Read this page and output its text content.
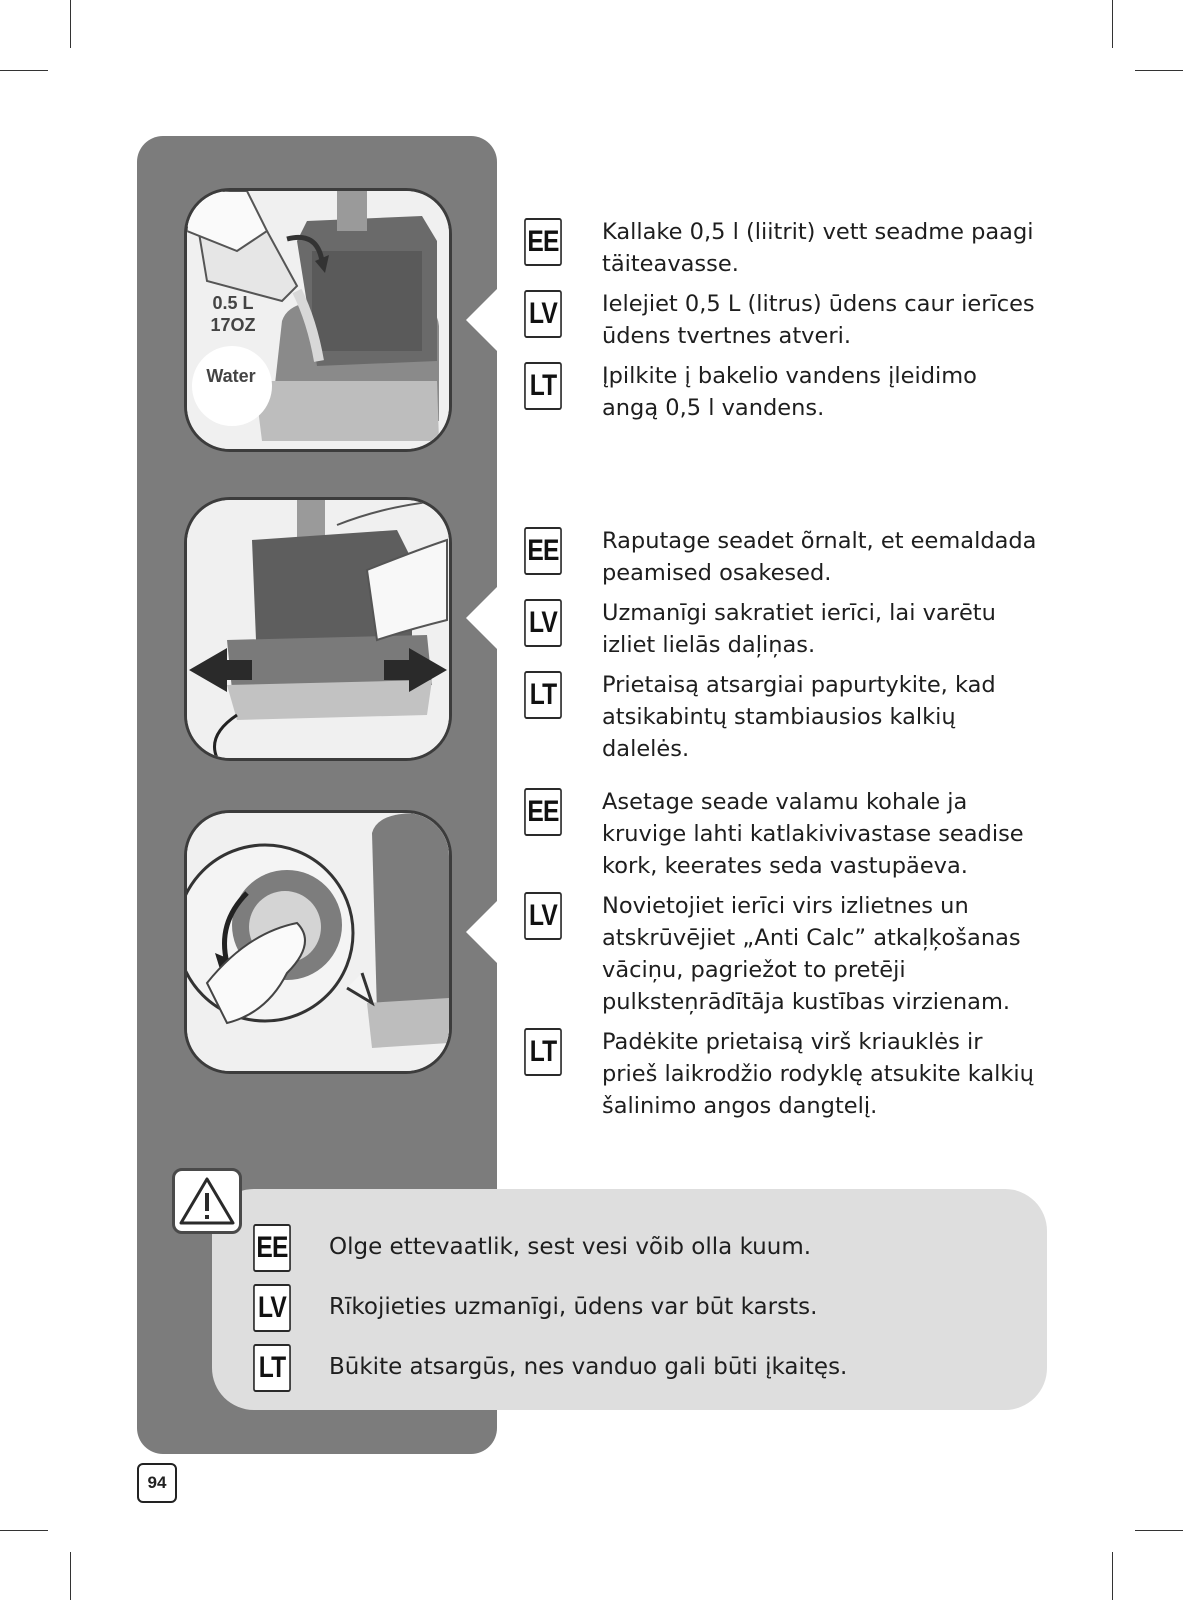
0.5 L
17OZ
Water
EE Kallake 0,5 l (liitrit) vett seadme paagi täiteavasse.
LV Ielejiet 0,5 L (litrus) ūdens caur ierīces ūdens tvertnes atveri.
LT Įpilkite į bakelio vandens įleidimo angą 0,5 l vandens.
EE Raputage seadet õrnalt, et eemaldada peamised osakesed.
LV Uzmanīgi sakratiet ierīci, lai varētu izliet lielās daļiņas.
LT Prietaisą atsargiai papurtykite, kad atsikabintų stambiausios kalkių dalelės.
EE Asetage seade valamu kohale ja kruvige lahti katlakivivastase seadise kork, keerates seda vastupäeva.
LV Novietojiet ierīci virs izlietnes un atskrūvējiet „Anti Calc” atkaļķošanas vāciņu, pagriežot to pretēji pulksteņrādītāja kustības virzienam.
LT Padėkite prietaisą virš kriauklės ir prieš laikrodžio rodyklę atsukite kalkių šalinimo angos dangtelį.
EE Olge ettevaatlik, sest vesi võib olla kuum.
LV Rīkojieties uzmanīgi, ūdens var būt karsts.
LT Būkite atsargūs, nes vanduo gali būti įkaitęs.
94
